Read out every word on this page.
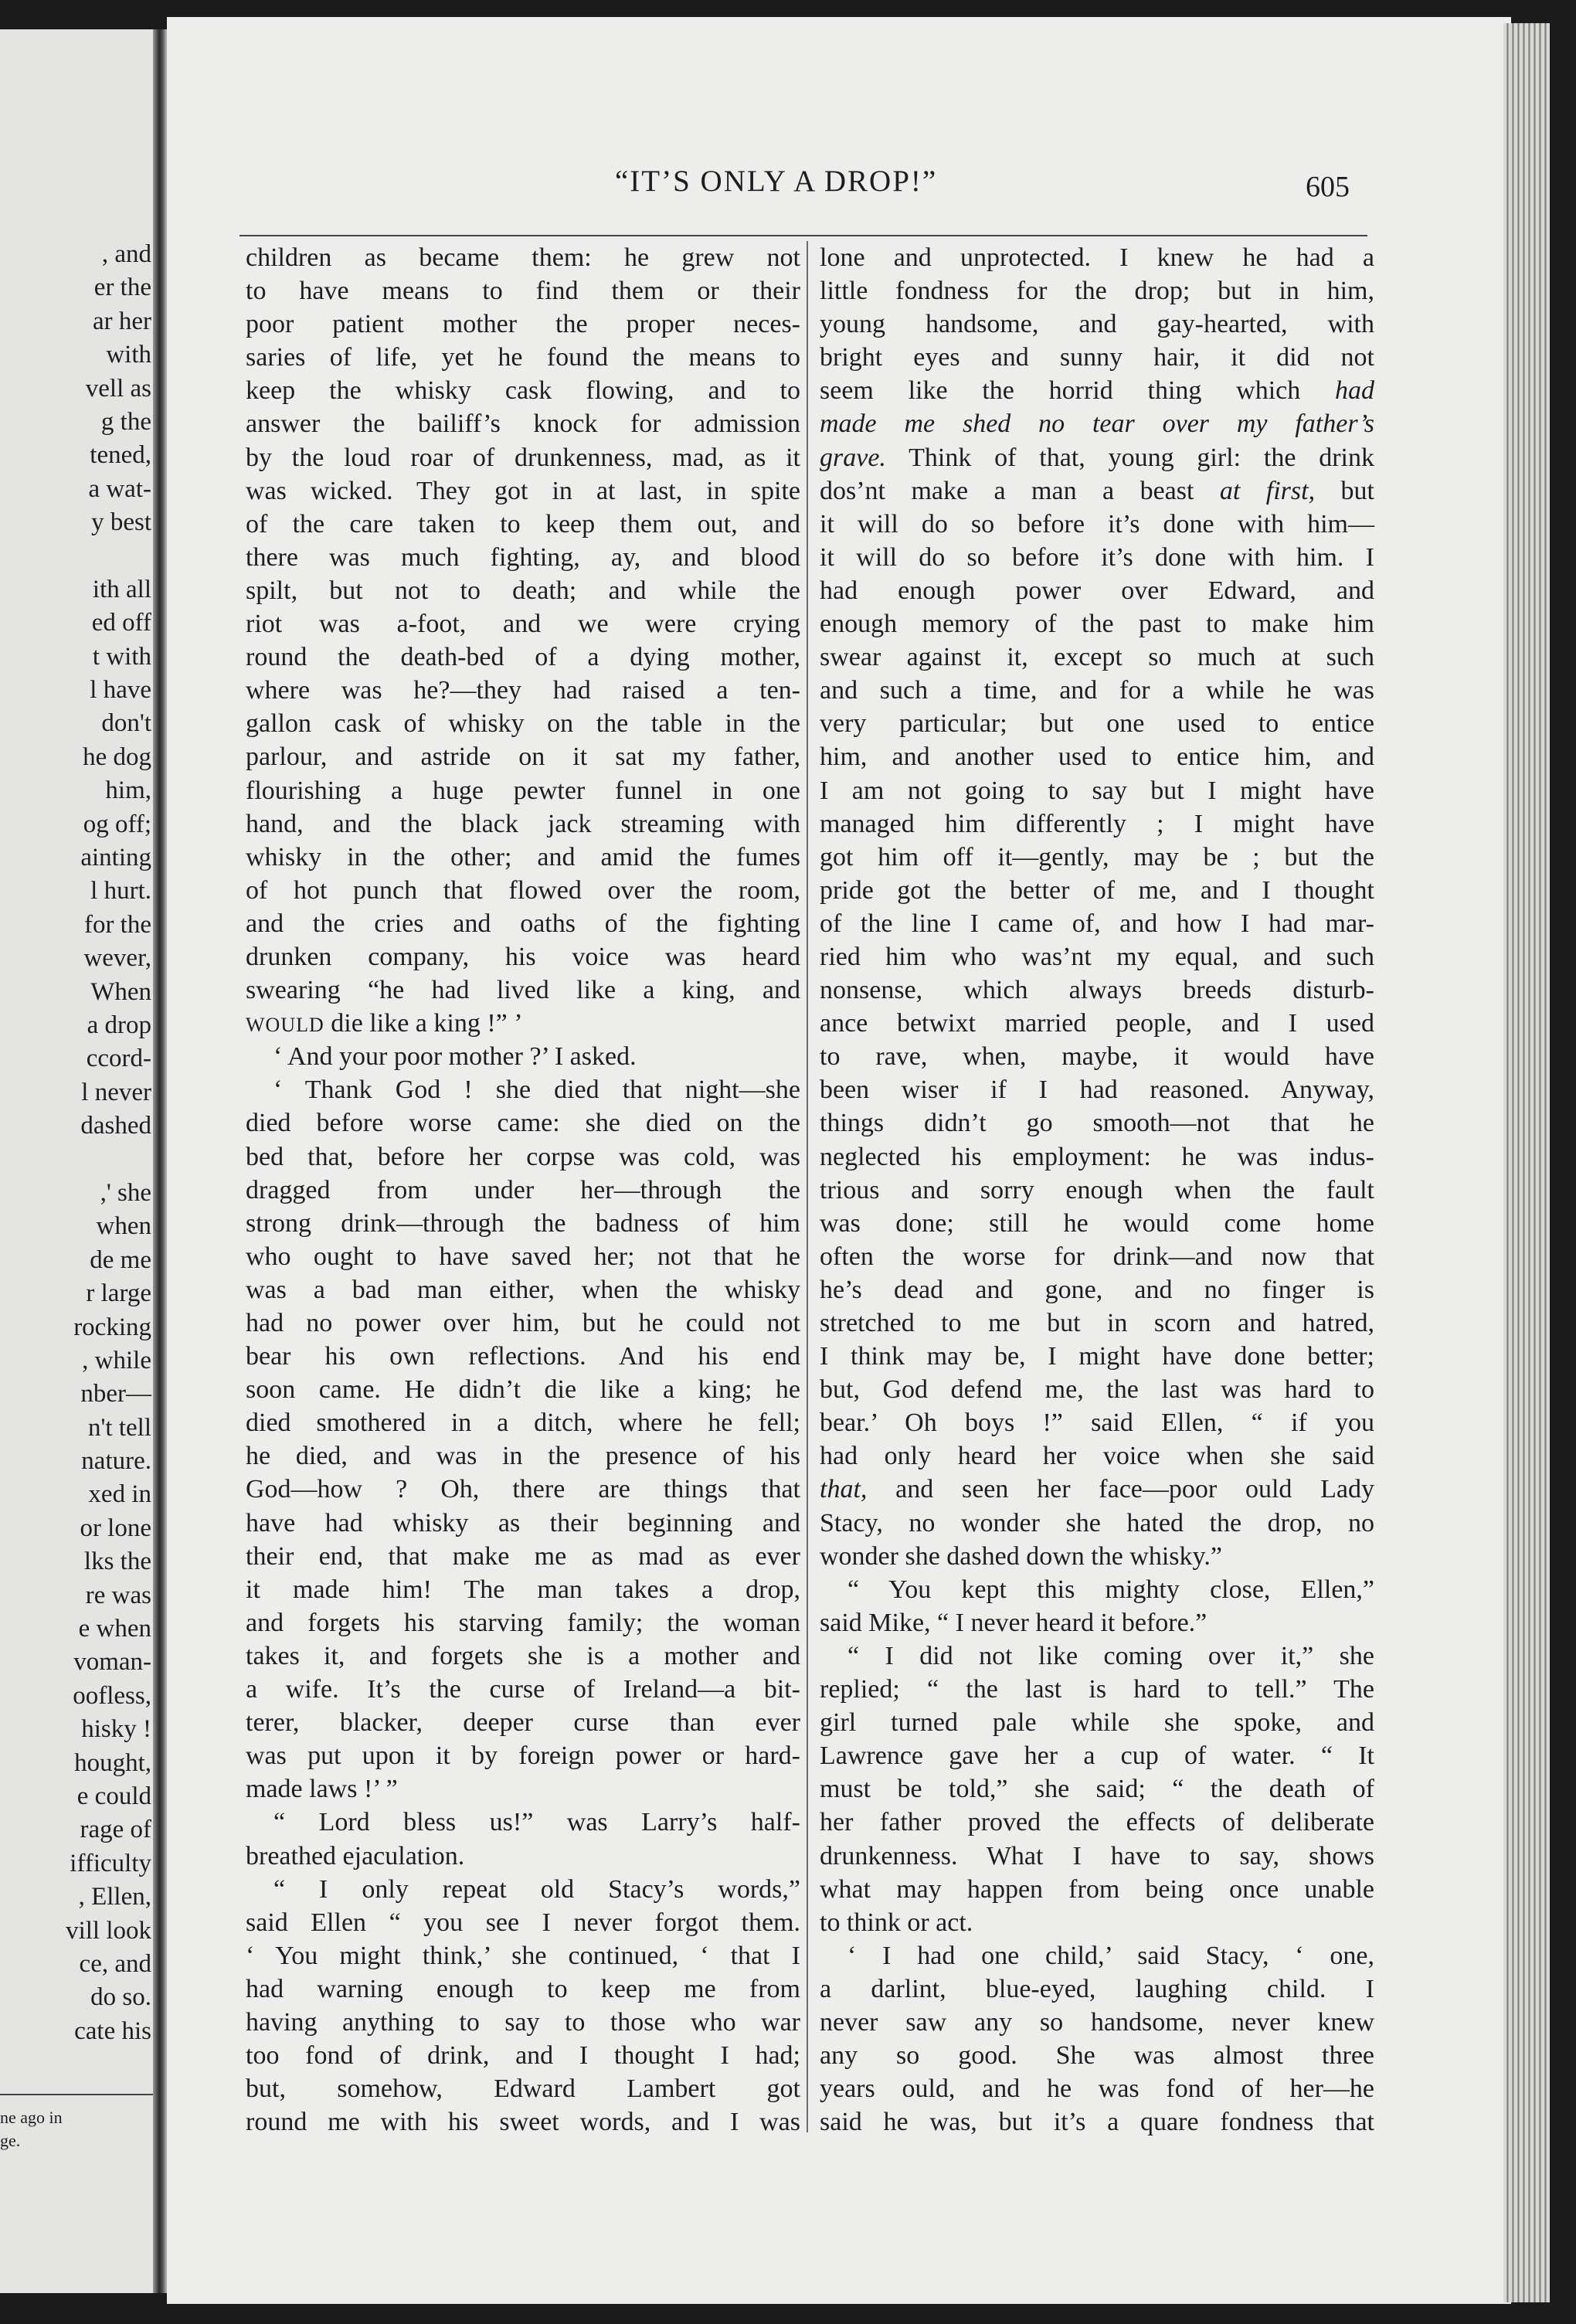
, and
er the
ar her
with
vell as
g the
tened,
a wat-
y best
ith all
ed off
t with
l have
don't
he dog
him,
og off;
ainting
l hurt.
for the
wever,
When
a drop
ccord-
l never
dashed
,' she
when
de me
r large
rocking
, while
nber—
n't tell
nature.
xed in
or lone
lks the
re was
e when
voman-
oofless,
hisky !
hought,
e could
rage of
ifficulty
, Ellen,
vill look
ce, and
do so.
cate his
ne ago in
ge.
“IT’S ONLY A DROP!”	605
children as became them: he grew not
to have means to find them or their
poor patient mother the proper neces-
saries of life, yet he found the means to
keep the whisky cask flowing, and to
answer the bailiff’s knock for admission
by the loud roar of drunkenness, mad, as it
was wicked. They got in at last, in spite
of the care taken to keep them out, and
there was much fighting, ay, and blood
spilt, but not to death; and while the
riot was a-foot, and we were crying
round the death-bed of a dying mother,
where was he?—they had raised a ten-
gallon cask of whisky on the table in the
parlour, and astride on it sat my father,
flourishing a huge pewter funnel in one
hand, and the black jack streaming with
whisky in the other; and amid the fumes
of hot punch that flowed over the room,
and the cries and oaths of the fighting
drunken company, his voice was heard
swearing “he had lived like a king, and
WOULD die like a king !” ’
‘ And your poor mother ?’ I asked.
‘ Thank God ! she died that night—she
died before worse came: she died on the
bed that, before her corpse was cold, was
dragged from under her—through the
strong drink—through the badness of him
who ought to have saved her; not that he
was a bad man either, when the whisky
had no power over him, but he could not
bear his own reflections. And his end
soon came. He didn’t die like a king; he
died smothered in a ditch, where he fell;
he died, and was in the presence of his
God—how ? Oh, there are things that
have had whisky as their beginning and
their end, that make me as mad as ever
it made him! The man takes a drop,
and forgets his starving family; the woman
takes it, and forgets she is a mother and
a wife. It’s the curse of Ireland—a bit-
terer, blacker, deeper curse than ever
was put upon it by foreign power or hard-
made laws !’ ”
“ Lord bless us!” was Larry’s half-
breathed ejaculation.
“ I only repeat old Stacy’s words,”
said Ellen “ you see I never forgot them.
‘ You might think,’ she continued, ‘ that I
had warning enough to keep me from
having anything to say to those who war
too fond of drink, and I thought I had;
but, somehow, Edward Lambert got
round me with his sweet words, and I was
lone and unprotected. I knew he had a
little fondness for the drop; but in him,
young handsome, and gay-hearted, with
bright eyes and sunny hair, it did not
seem like the horrid thing which had
made me shed no tear over my father’s
grave. Think of that, young girl: the drink
dos’nt make a man a beast at first, but
it will do so before it’s done with him—
it will do so before it’s done with him. I
had enough power over Edward, and
enough memory of the past to make him
swear against it, except so much at such
and such a time, and for a while he was
very particular; but one used to entice
him, and another used to entice him, and
I am not going to say but I might have
managed him differently ; I might have
got him off it—gently, may be ; but the
pride got the better of me, and I thought
of the line I came of, and how I had mar-
ried him who was’nt my equal, and such
nonsense, which always breeds disturb-
ance betwixt married people, and I used
to rave, when, maybe, it would have
been wiser if I had reasoned. Anyway,
things didn’t go smooth—not that he
neglected his employment: he was indus-
trious and sorry enough when the fault
was done; still he would come home
often the worse for drink—and now that
he’s dead and gone, and no finger is
stretched to me but in scorn and hatred,
I think may be, I might have done better;
but, God defend me, the last was hard to
bear.’ Oh boys !” said Ellen, “ if you
had only heard her voice when she said
that, and seen her face—poor ould Lady
Stacy, no wonder she hated the drop, no
wonder she dashed down the whisky.”
“ You kept this mighty close, Ellen,”
said Mike, “ I never heard it before.”
“ I did not like coming over it,” she
replied; “ the last is hard to tell.” The
girl turned pale while she spoke, and
Lawrence gave her a cup of water. “ It
must be told,” she said; “ the death of
her father proved the effects of deliberate
drunkenness. What I have to say, shows
what may happen from being once unable
to think or act.
‘ I had one child,’ said Stacy, ‘ one,
a darlint, blue-eyed, laughing child. I
never saw any so handsome, never knew
any so good. She was almost three
years ould, and he was fond of her—he
said he was, but it’s a quare fondness that
